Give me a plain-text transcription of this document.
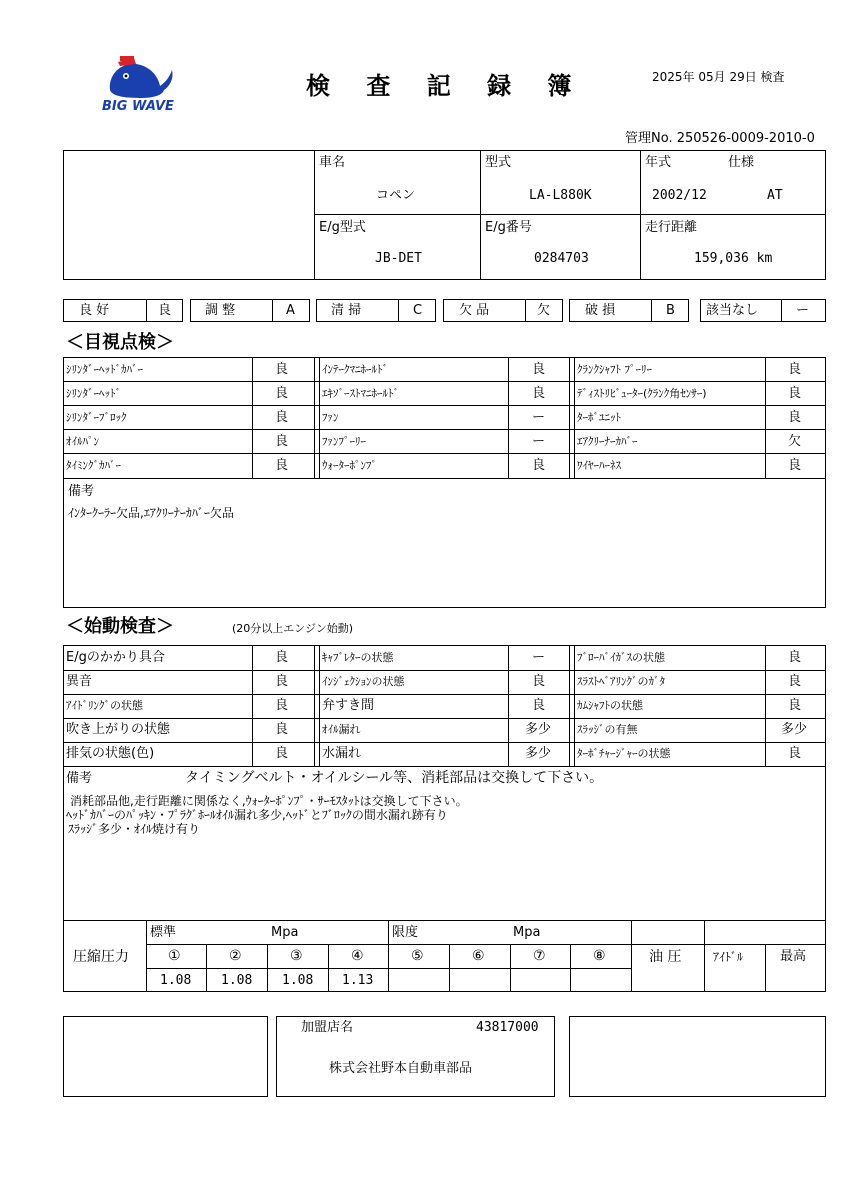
BIG WAVE
検 査 記 録 簿	2025年 05月 29日 検査
管理No. 250526-0009-2010-0
車名
コペン
型式
LA-L880K
年式	仕様
2002/12	AT
E/g型式
JB-DET
E/g番号
0284703
走行距離
159,036 km
良 好	良	調 整	A	清 掃	C	欠 品	欠	破 損	B 該当なし	ー
＜目視点検＞
ｼﾘﾝﾀﾞｰﾍｯﾄﾞｶﾊﾞｰ	良	ｲﾝﾃｰｸﾏﾆﾎｰﾙﾄﾞ	良	ｸﾗﾝｸｼｬﾌﾄ ﾌﾟｰﾘｰ	良
ｼﾘﾝﾀﾞｰﾍｯﾄﾞ	良	ｴｷｿﾞｰｽﾄﾏﾆﾎｰﾙﾄﾞ	良	ﾃﾞｨｽﾄﾘﾋﾞｭｰﾀｰ(ｸﾗﾝｸ角ｾﾝｻｰ)	良
ｼﾘﾝﾀﾞｰﾌﾞﾛｯｸ	良	ﾌｧﾝ	ー	ﾀｰﾎﾞﾕﾆｯﾄ	良
ｵｲﾙﾊﾟﾝ	良	ﾌｧﾝﾌﾟｰﾘｰ	ー	ｴｱｸﾘｰﾅｰｶﾊﾞｰ	欠
ﾀｲﾐﾝｸﾞｶﾊﾞｰ	良	ｳｫｰﾀｰﾎﾟﾝﾌﾟ	良	ﾜｲﾔｰﾊｰﾈｽ	良
備考
ｲﾝﾀｰｸｰﾗｰ欠品,ｴｱｸﾘｰﾅｰｶﾊﾞｰ欠品
＜始動検査＞	(20分以上エンジン始動)
E/gのかかり具合	良	ｷｬﾌﾞﾚﾀｰの状態	ー	ﾌﾞﾛｰﾊﾞｲｶﾞｽの状態	良
異音	良	ｲﾝｼﾞｪｸｼｮﾝの状態	良	ｽﾗｽﾄﾍﾞｱﾘﾝｸﾞのｶﾞﾀ	良
ｱｲﾄﾞﾘﾝｸﾞの状態	良	弁すき間	良	ｶﾑｼｬﾌﾄの状態	良
吹き上がりの状態	良	ｵｲﾙ漏れ	多少 ｽﾗｯｼﾞの有無	多少
排気の状態(色)	良	水漏れ	多少 ﾀｰﾎﾞﾁｬｰｼﾞｬｰの状態	良
備考	タイミングベルト・オイルシール等、消耗部品は交換して下さい。
消耗部品他,走行距離に関係なく,ｳｫｰﾀｰﾎﾟﾝﾌﾟ・ｻｰﾓｽﾀｯﾄは交換して下さい。
ﾍｯﾄﾞｶﾊﾞｰのﾊﾟｯｷﾝ・ﾌﾟﾗｸﾞﾎｰﾙｵｲﾙ漏れ多少,ﾍｯﾄﾞとﾌﾞﾛｯｸの間水漏れ跡有り
ｽﾗｯｼﾞ多少・ｵｲﾙ焼け有り
圧縮圧力
標準	Mpa	限度	Mpa
①	②	③	④	⑤	⑥	⑦	⑧
1.08 1.08 1.08 1.13
油 圧	ｱｲﾄﾞﾙ	最高
加盟店名	43817000
株式会社野本自動車部品
